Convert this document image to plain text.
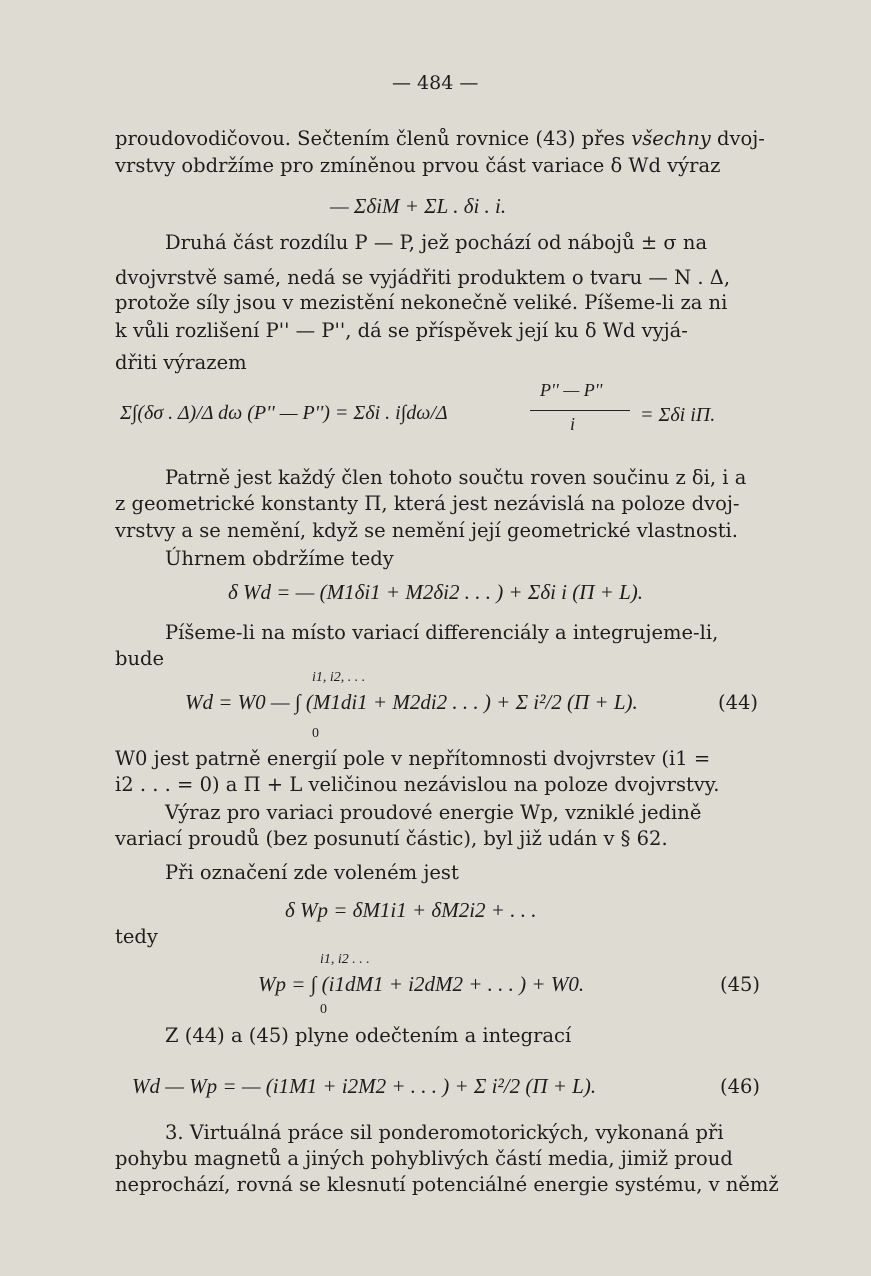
— 484 —
proudovodičovou. Sečtením členů rovnice (43) přes všechny dvoj-
vrstvy obdržíme pro zmíněnou prvou část variace δ Wd výraz
— ΣδiM + ΣL . δi . i.
Druhá část rozdílu P — P, jež pochází od nábojů ± σ na
dvojvrstvě samé, nedá se vyjádřiti produktem o tvaru — N . Δ,
protože síly jsou v mezistění nekonečně veliké. Píšeme-li za ni
k vůli rozlišení P'' — P'', dá se příspěvek její ku δ Wd vyjá-
dřiti výrazem
Σ∫(δσ . Δ)/Δ dω (P'' — P'') = Σδi . i∫dω/Δ
P'' — P''
i	= Σδi iΠ.
Patrně jest každý člen tohoto součtu roven součinu z δi, i a
z geometrické konstanty Π, která jest nezávislá na poloze dvoj-
vrstvy a se nemění, když se nemění její geometrické vlastnosti.
Úhrnem obdržíme tedy
δ Wd = — (M1δi1 + M2δi2 . . . ) + Σδi i (Π + L).
Píšeme-li na místo variací differenciály a integrujeme-li,
bude
i1, i2, . . .
Wd = W0 — ∫ (M1di1 + M2di2 . . . ) + Σ i²/2 (Π + L).
0
(44)
W0 jest patrně energií pole v nepřítomnosti dvojvrstev (i1 =
i2 . . . = 0) a Π + L veličinou nezávislou na poloze dvojvrstvy.
Výraz pro variaci proudové energie Wp, vzniklé jedině
variací proudů (bez posunutí částic), byl již udán v § 62.
Při označení zde voleném jest
δ Wp = δM1i1 + δM2i2 + . . .
tedy
i1, i2 . . .
Wp = ∫ (i1dM1 + i2dM2 + . . . ) + W0.
0
(45)
Z (44) a (45) plyne odečtením a integrací
Wd — Wp = — (i1M1 + i2M2 + . . . ) + Σ i²/2 (Π + L).	(46)
3. Virtuálná práce sil ponderomotorických, vykonaná při
pohybu magnetů a jiných pohyblivých částí media, jimiž proud
neprochází, rovná se klesnutí potenciálné energie systému, v němž
